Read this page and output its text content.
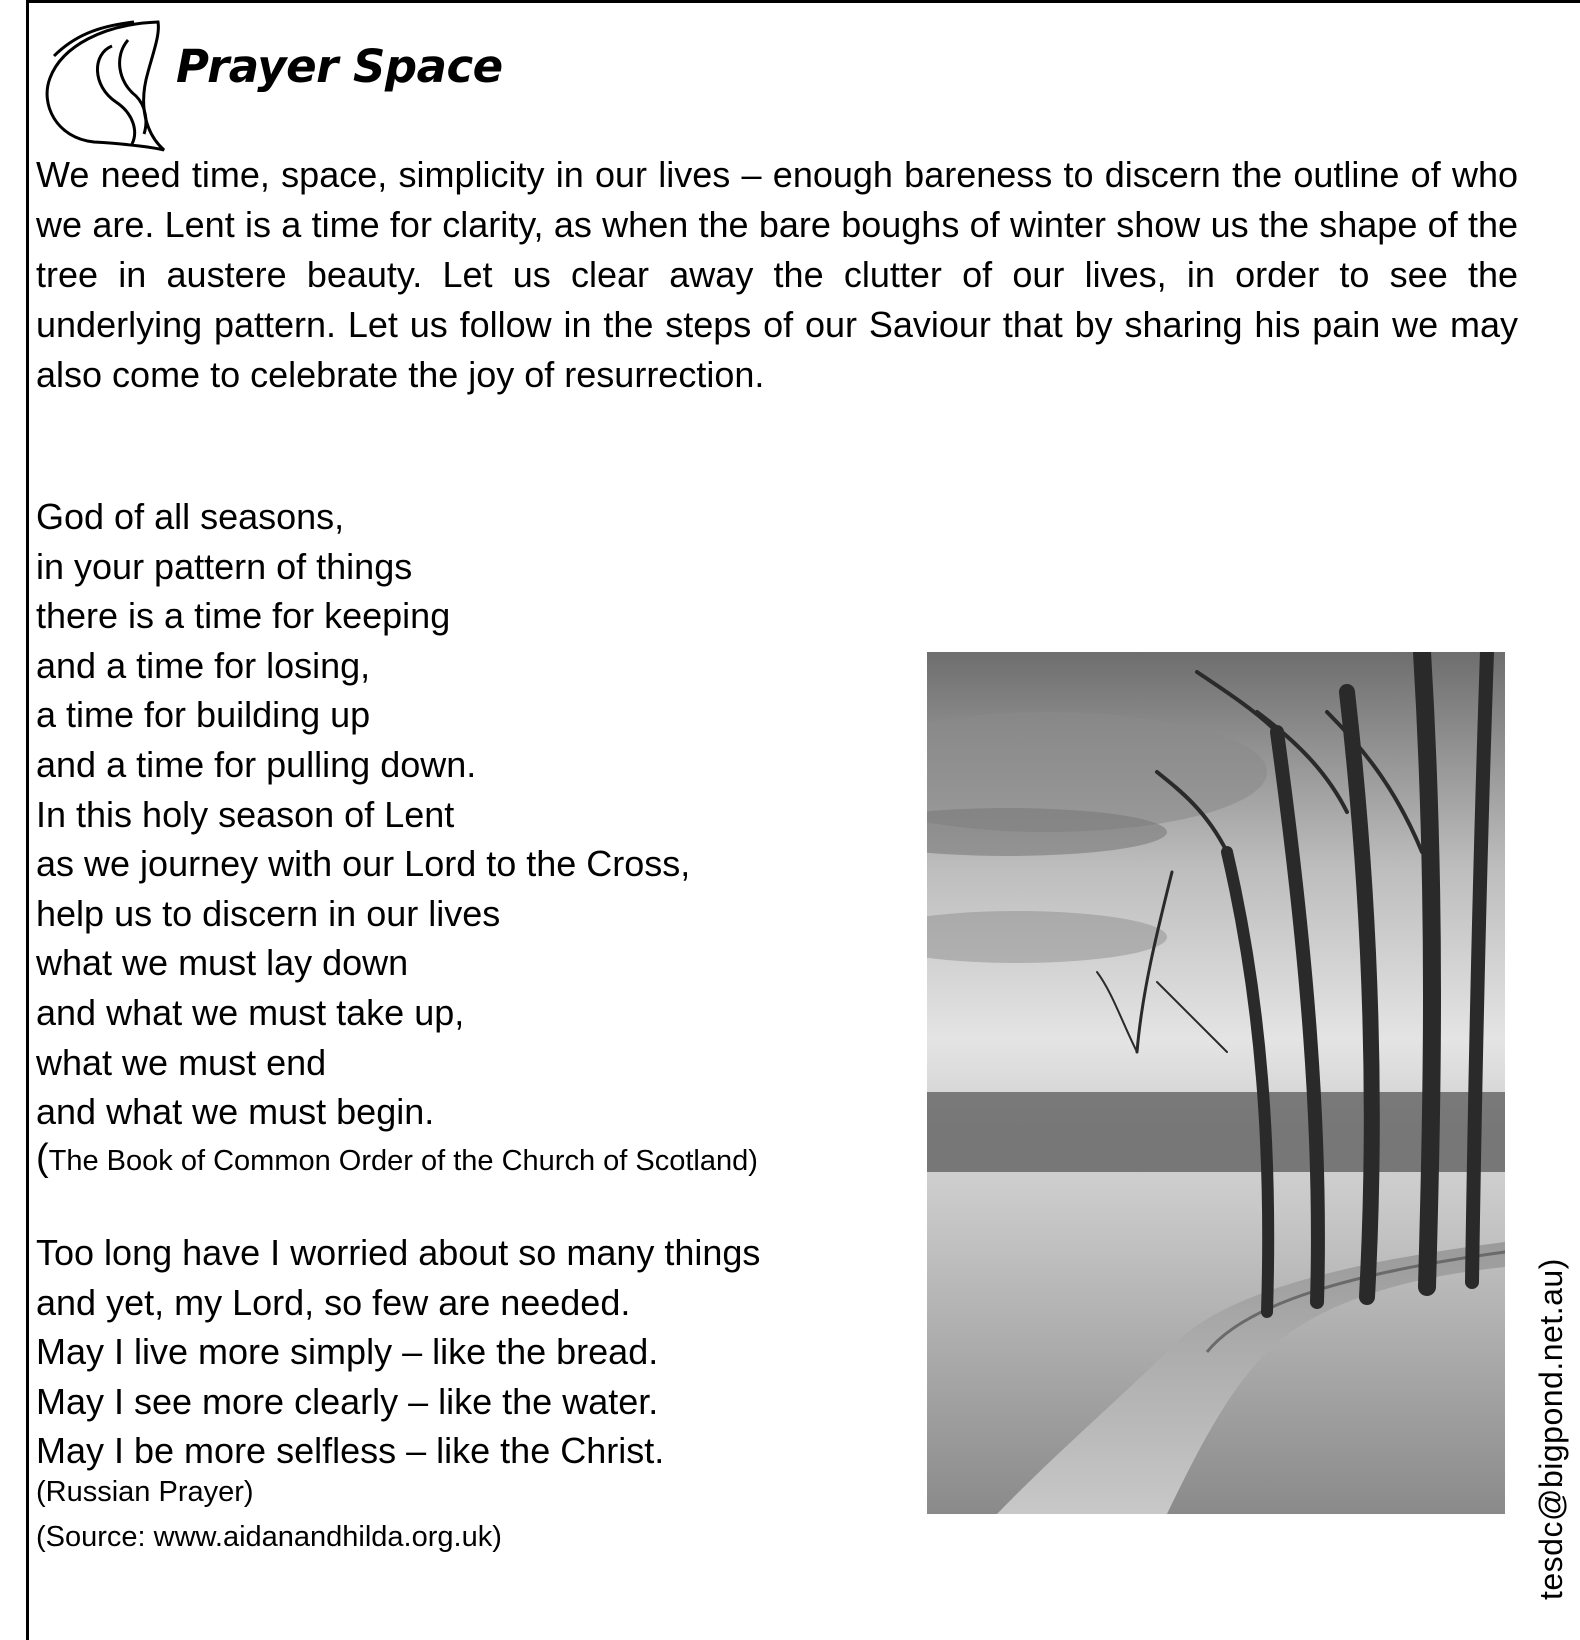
Prayer Space

We need time, space, simplicity in our lives – enough bareness to discern the outline of who we are. Lent is a time for clarity, as when the bare boughs of winter show us the shape of the tree in austere beauty. Let us clear away the clutter of our lives, in order to see the underlying pattern. Let us follow in the steps of our Saviour that by sharing his pain we may also come to celebrate the joy of resurrection.

God of all seasons,
in your pattern of things
there is a time for keeping
and a time for losing,
a time for building up
and a time for pulling down.
In this holy season of Lent
as we journey with our Lord to the Cross,
help us to discern in our lives
what we must lay down
and what we must take up,
what we must end
and what we must begin.
(The Book of Common Order of the Church of Scotland)
Too long have I worried about so many things
and yet, my Lord, so few are needed.
May I live more simply – like the bread.
May I see more clearly – like the water.
May I be more selfless – like the Christ.
(Russian Prayer)
(Source: www.aidanandhilda.org.uk)	tesdc@bigpond.net.au)
